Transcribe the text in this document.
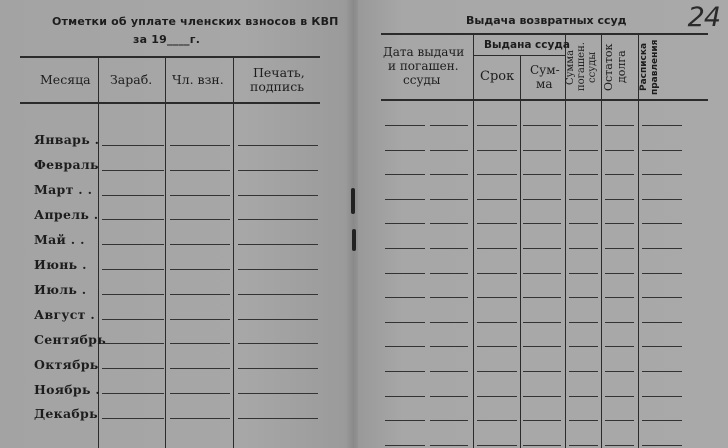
Отметки об уплате членских взносов в КВП
за 19____г.
Месяца Зараб. Чл. взн. Печать,
подпись
Январь .
Февраль
Март . .
Апрель .
Май . .
Июнь .
Июль .
Август .
Сентябрь
Октябрь
Ноябрь .
Декабрь
Выдача возвратных ссуд 24
Дата выдачи
и погашен.
ссуды
Выдана ссуда
Срок Сум-
ма Сумма погашен. ссуды Остаток долга	Расписка правления
